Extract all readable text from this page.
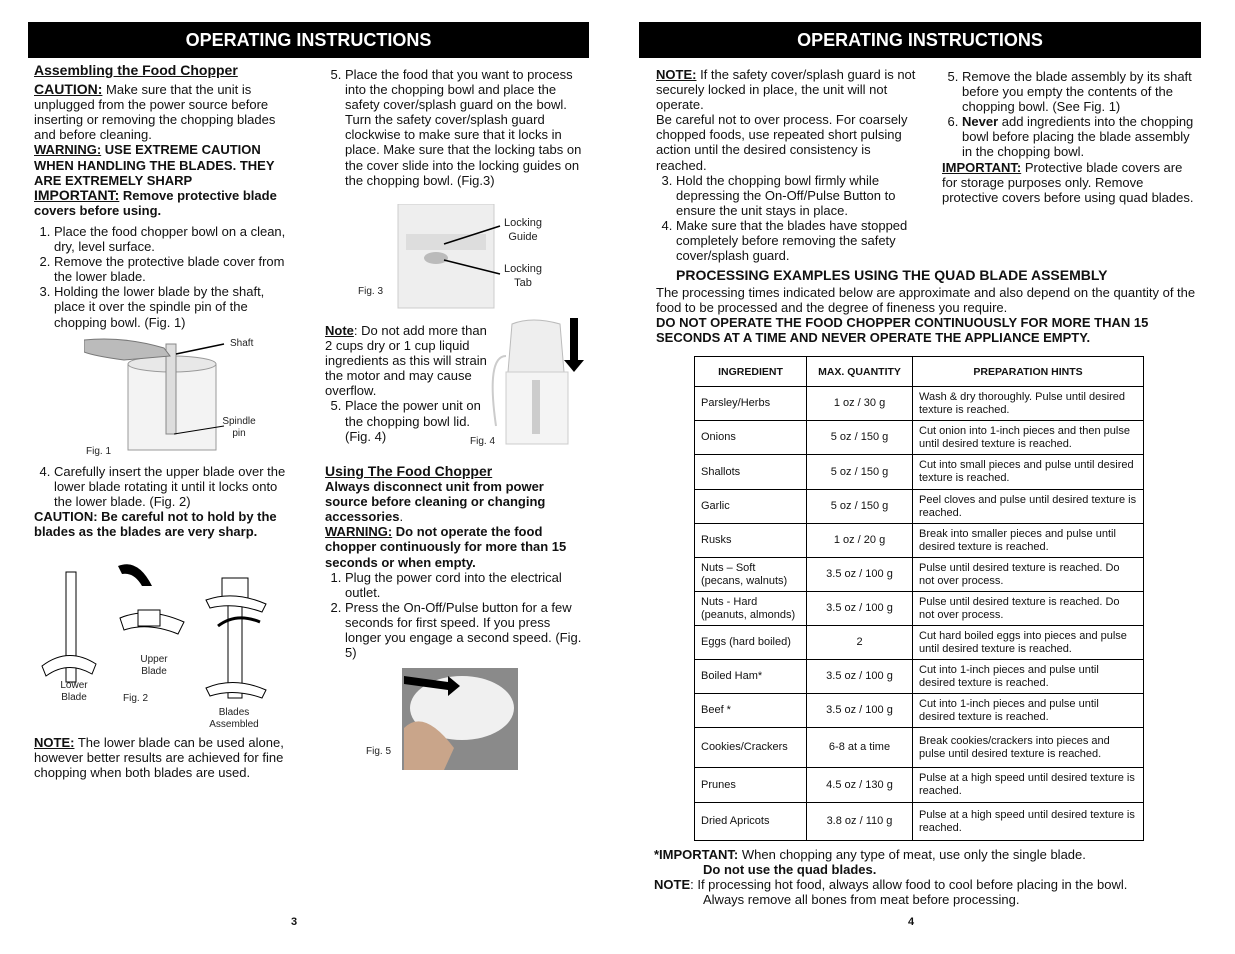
OPERATING INSTRUCTIONS	OPERATING INSTRUCTIONS
Assembling the Food Chopper
CAUTION: Make sure that the unit is unplugged from the power source before inserting or removing the chopping blades and before cleaning.
WARNING: USE EXTREME CAUTION WHEN HANDLING THE BLADES. THEY ARE EXTREMELY SHARP
IMPORTANT: Remove protective blade covers before using.
1. Place the food chopper bowl on a clean, dry, level surface.
2. Remove the protective blade cover from the lower blade.
3. Holding the lower blade by the shaft, place it over the spindle pin of the chopping bowl. (Fig. 1)
Shaft
Spindle pin
Fig. 1
4. Carefully insert the upper blade over the lower blade rotating it until it locks onto the lower blade. (Fig. 2)
CAUTION: Be careful not to hold by the blades as the blades are very sharp.
Lower Blade
Upper Blade
Fig. 2
Blades Assembled
NOTE: The lower blade can be used alone, however better results are achieved for fine chopping when both blades are used.
5. Place the food that you want to process into the chopping bowl and place the safety cover/splash guard on the bowl. Turn the safety cover/splash guard clockwise to make sure that it locks in place. Make sure that the locking tabs on the cover slide into the locking guides on the chopping bowl. (Fig.3)
Locking Guide
Locking Tab
Fig. 3
Note: Do not add more than 2 cups dry or 1 cup liquid ingredients as this will strain the motor and may cause overflow.
5. Place the power unit on the chopping bowl lid. (Fig. 4)	Fig. 4
Using The Food Chopper
Always disconnect unit from power source before cleaning or changing accessories.
WARNING: Do not operate the food chopper continuously for more than 15 seconds or when empty.
1. Plug the power cord into the electrical outlet.
2. Press the On-Off/Pulse button for a few seconds for first speed. If you press longer you engage a second speed. (Fig. 5)
Fig. 5
NOTE: If the safety cover/splash guard is not securely locked in place, the unit will not operate.
Be careful not to over process. For coarsely chopped foods, use repeated short pulsing action until the desired consistency is reached.
3. Hold the chopping bowl firmly while depressing the On-Off/Pulse Button to ensure the unit stays in place.
4. Make sure that the blades have stopped completely before removing the safety cover/splash guard.
5. Remove the blade assembly by its shaft before you empty the contents of the chopping bowl. (See Fig. 1)
6. Never add ingredients into the chopping bowl before placing the blade assembly in the chopping bowl.
IMPORTANT: Protective blade covers are for storage purposes only. Remove protective covers before using quad blades.
PROCESSING EXAMPLES USING THE QUAD BLADE ASSEMBLY
The processing times indicated below are approximate and also depend on the quantity of the food to be processed and the degree of fineness you require.
DO NOT OPERATE THE FOOD CHOPPER CONTINUOUSLY FOR MORE THAN 15 SECONDS AT A TIME AND NEVER OPERATE THE APPLIANCE EMPTY.
INGREDIENT	MAX. QUANTITY	PREPARATION HINTS
Parsley/Herbs	1 oz / 30 g	Wash & dry thoroughly. Pulse until desired texture is reached.
Onions	5 oz / 150 g	Cut onion into 1-inch pieces and then pulse until desired texture is reached.
Shallots	5 oz / 150 g	Cut into small pieces and pulse until desired texture is reached.
Garlic	5 oz / 150 g	Peel cloves and pulse until desired texture is reached.
Rusks	1 oz / 20 g	Break into smaller pieces and pulse until desired texture is reached.
Nuts – Soft (pecans, walnuts)	3.5 oz / 100 g	Pulse until desired texture is reached. Do not over process.
Nuts - Hard (peanuts, almonds)	3.5 oz / 100 g	Pulse until desired texture is reached. Do not over process.
Eggs (hard boiled)	2	Cut hard boiled eggs into pieces and pulse until desired texture is reached.
Boiled Ham*	3.5 oz / 100 g	Cut into 1-inch pieces and pulse until desired texture is reached.
Beef *	3.5 oz / 100 g	Cut into 1-inch pieces and pulse until desired texture is reached.
Cookies/Crackers	6-8 at a time	Break cookies/crackers into pieces and pulse until desired texture is reached.
Prunes	4.5 oz / 130 g	Pulse at a high speed until desired texture is reached.
Dried Apricots	3.8 oz / 110 g	Pulse at a high speed until desired texture is reached.
*IMPORTANT: When chopping any type of meat, use only the single blade.
Do not use the quad blades.
NOTE: If processing hot food, always allow food to cool before placing in the bowl.
Always remove all bones from meat before processing.
3	4
